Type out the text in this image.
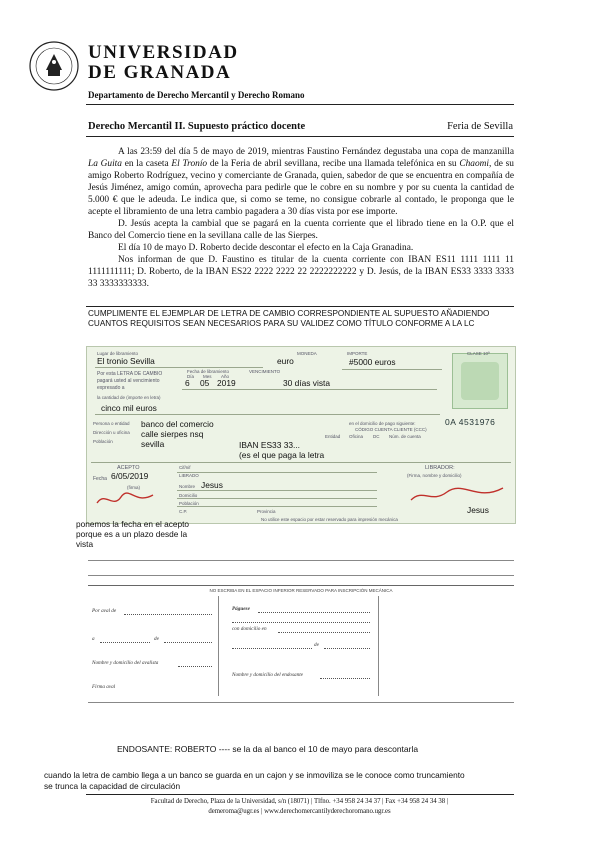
UNIVERSIDAD
DE GRANADA
Departamento de Derecho Mercantil y Derecho Romano
Derecho Mercantil II. Supuesto práctico docente	Feria de Sevilla

A las 23:59 del día 5 de mayo de 2019, mientras Faustino Fernández degustaba una copa de manzanilla La Guita en la caseta El Tronío de la Feria de abril sevillana, recibe una llamada telefónica en su Chaomi, de su amigo Roberto Rodríguez, vecino y comerciante de Granada, quien, sabedor de que se encuentra en compañía de Jesús Jiménez, amigo común, aprovecha para pedirle que le cobre en su nombre y por su cuenta la cantidad de 5.000 € que le adeuda. Le indica que, si como se teme, no consigue cobrarle al contado, le proponga que le acepte el libramiento de una letra cambio pagadera a 30 días vista por ese importe.

D. Jesús acepta la cambial que se pagará en la cuenta corriente que el librado tiene en la O.P. que el Banco del Comercio tiene en la sevillana calle de las Sierpes.

El día 10 de mayo D. Roberto decide descontar el efecto en la Caja Granadina.

Nos informan de que D. Faustino es titular de la cuenta corriente con IBAN ES11 1111 1111 11 1111111111; D. Roberto, de la IBAN ES22 2222 2222 22 2222222222 y D. Jesús, de la IBAN ES33 3333 3333 33 3333333333.

CUMPLIMENTE EL EJEMPLAR DE LETRA DE CAMBIO CORRESPONDIENTE AL SUPUESTO AÑADIENDO CUANTOS REQUISITOS SEAN NECESARIOS PARA SU VALIDEZ COMO TÍTULO CONFORME A LA LC
Lugar de libramiento
El tronio Sevilla
MONEDA
euro
IMPORTE
#5000 euros
CLASE 10ª
Por esta LETRA DE CAMBIO
pagará usted al vencimiento
expresado a
Fecha de libramiento
Día Mes Año
6 05 2019
VENCIMIENTO
30 días vista
la cantidad de (importe en letra)
cinco mil euros
0A 4531976
Persona o entidad
Dirección u oficina
Población
banco del comercio
calle sierpes nsq
sevilla
en el domicilio de pago siguiente:
CÓDIGO CUENTA CLIENTE (CCC)
Entidad Oficina DC Núm. de cuenta
IBAN ES33 33...
(es el que paga la letra
ACEPTO
Fecha 6/05/2019
(firma)
Cif/nif
LIBRADO
Nombre Jesus
Domicilio
Población
C.P.	Provincia
LIBRADOR:
(Firma, nombre y domicilio)
Jesus
No utilice este espacio por estar reservado para impresión mecánica
ponemos la fecha en el acepto
porque es a un plazo desde la
vista
NO ESCRIBA EN EL ESPACIO INFERIOR RESERVADO PARA INSCRIPCIÓN MECÁNICA
Por aval de
a	de
Nombre y domicilio del avalista
Firma aval
Páguese
con domicilio en
de
Nombre y domicilio del endosante
ENDOSANTE: ROBERTO ---- se la da al banco el 10 de mayo para descontarla
cuando la letra de cambio llega a un banco se guarda en un cajon y se inmoviliza se le conoce como truncamiento
se trunca la capacidad de circulación
Facultad de Derecho, Plaza de la Universidad, s/n (18071) | Tlfno. +34 958 24 34 37 | Fax +34 958 24 34 38 |
demeroma@ugr.es | www.derechomercantilyderechoromano.ugr.es
